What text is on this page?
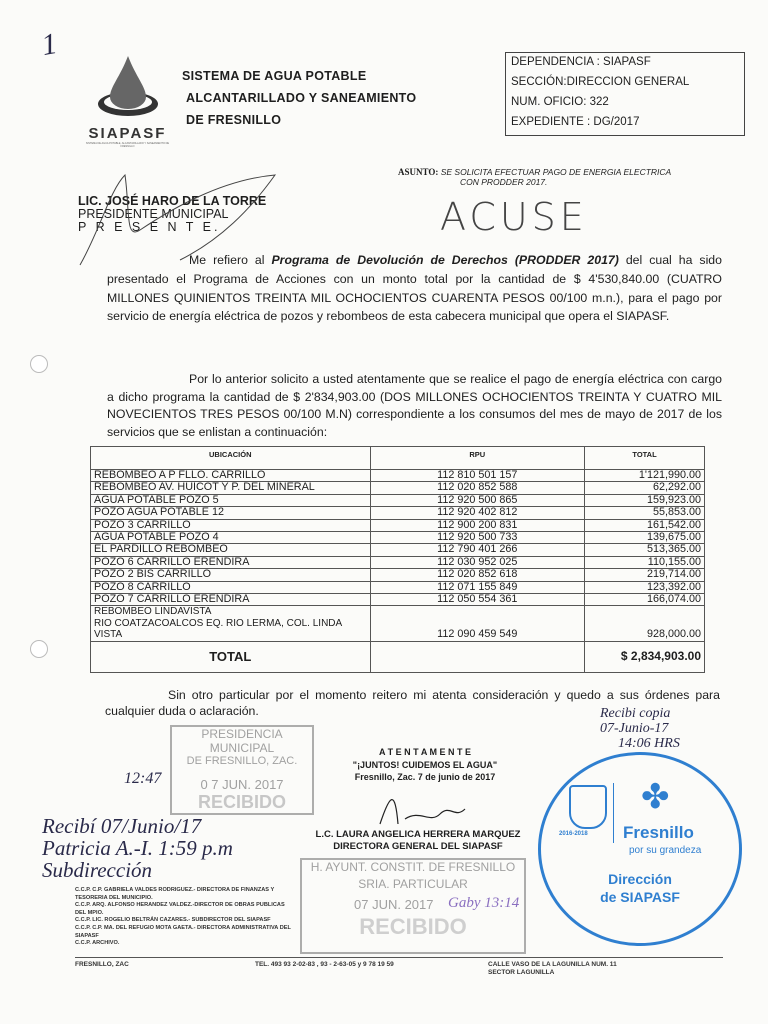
1
SIAPASF
SISTEMA DE AGUA POTABLE, ALCANTARILLADO Y SANEAMIENTO DE FRESNILLO
SISTEMA DE AGUA POTABLE
ALCANTARILLADO Y SANEAMIENTO
DE FRESNILLO
DEPENDENCIA : SIAPASF
SECCIÓN:DIRECCION GENERAL
NUM. OFICIO: 322
EXPEDIENTE : DG/2017
ASUNTO: SE SOLICITA EFECTUAR PAGO DE ENERGIA ELECTRICA
CON PRODDER 2017.
LIC. JOSÉ HARO DE LA TORRE
PRESIDENTE MUNICIPAL
P R E S E N T E.	ACUSE
Me refiero al Programa de Devolución de Derechos (PRODDER 2017) del cual ha sido presentado el Programa de Acciones con un monto total por la cantidad de $ 4'530,840.00 (CUATRO MILLONES QUINIENTOS TREINTA MIL OCHOCIENTOS CUARENTA PESOS 00/100 m.n.), para el pago por servicio de energía eléctrica de pozos y rebombeos de esta cabecera municipal que opera el SIAPASF.
Por lo anterior solicito a usted atentamente que se realice el pago de energía eléctrica con cargo a dicho programa la cantidad de $ 2'834,903.00 (DOS MILLONES OCHOCIENTOS TREINTA Y CUATRO MIL NOVECIENTOS TRES PESOS 00/100 M.N) correspondiente a los consumos del mes de mayo de 2017 de los servicios que se enlistan a continuación:
UBICACIÓN	RPU	TOTAL
REBOMBEO A P FLLO. CARRILLO	112 810 501 157	1'121,990.00
REBOMBEO AV. HUICOT Y P. DEL MINERAL	112 020 852 588	62,292.00
AGUA POTABLE POZO 5	112 920 500 865	159,923.00
POZO AGUA POTABLE 12	112 920 402 812	55,853.00
POZO 3 CARRILLO	112 900 200 831	161,542.00
AGUA POTABLE POZO 4	112 920 500 733	139,675.00
EL PARDILLO REBOMBEO	112 790 401 266	513,365.00
POZO 6 CARRILLO ERENDIRA	112 030 952 025	110,155.00
POZO 2 BIS CARRILLO	112 020 852 618	219,714.00
POZO 8 CARRILLO	112 071 155 849	123,392.00
POZO 7 CARRILLO ERENDIRA	112 050 554 361	166,074.00

REBOMBEO LINDAVISTA
RIO COATZACOALCOS EQ. RIO LERMA, COL. LINDA VISTA	112 090 459 549	928,000.00
TOTAL		$ 2,834,903.00
Sin otro particular por el momento reitero mi atenta consideración y quedo a sus órdenes para cualquier duda o aclaración.
PRESIDENCIA MUNICIPAL
DE FRESNILLO, ZAC.
0 7 JUN. 2017
RECIBIDO
12:47
A T E N T A M E N T E
"¡JUNTOS! CUIDEMOS EL AGUA"
Fresnillo, Zac. 7 de junio de 2017
L.C. LAURA ANGELICA HERRERA MARQUEZ
DIRECTORA GENERAL DEL SIAPASF
H. AYUNT. CONSTIT. DE FRESNILLO
SRIA. PARTICULAR
07 JUN. 2017
RECIBIDO
Gaby 13:14
2016-2018
✤
Fresnillo
por su grandeza
Dirección
de SIAPASF
Recibi copia
07-Junio-17
14:06 HRS
Recibí 07/Junio/17
Patricia A.-I. 1:59 p.m
Subdirección
C.C.P. C.P. GABRIELA VALDES RODRIGUEZ.- DIRECTORA DE FINANZAS Y TESORERIA DEL MUNICIPIO.
C.C.P. ARQ. ALFONSO HERANDEZ VALDEZ.-DIRECTOR DE OBRAS PUBLICAS DEL MPIO.
C.C.P. LIC. ROGELIO BELTRÁN CAZARES.- SUBDIRECTOR DEL SIAPASF
C.C.P. C.P. MA. DEL REFUGIO MOTA GAETA.- DIRECTORA ADMINISTRATIVA DEL SIAPASF
C.C.P. ARCHIVO.
FRESNILLO, ZAC	TEL. 493 93 2-02-83 , 93 - 2-63-05 y 9 78 19 59	CALLE VASO DE LA LAGUNILLA NUM. 11
SECTOR LAGUNILLA
